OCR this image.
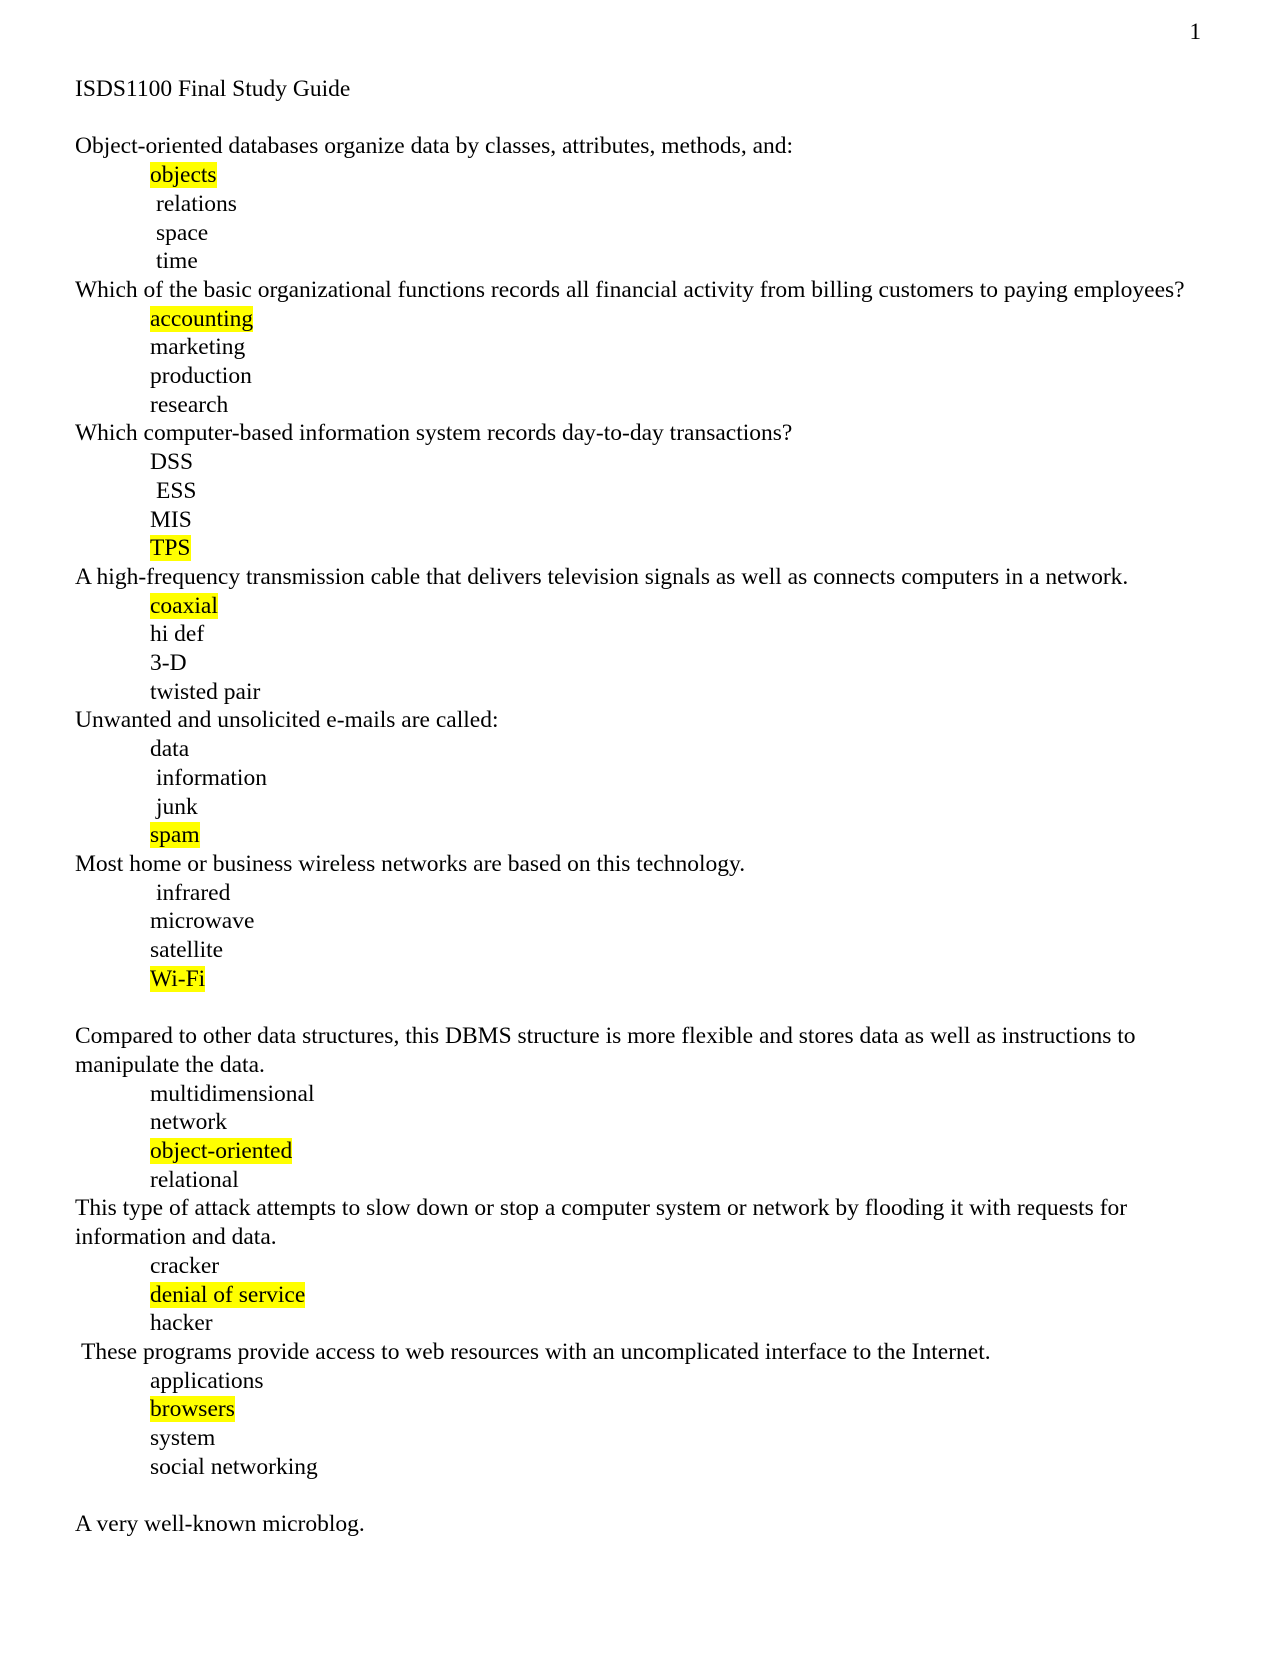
1

ISDS1100 Final Study Guide

Object-oriented databases organize data by classes, attributes, methods, and:

objects
relations
space
time

Which of the basic organizational functions records all financial activity from billing customers to paying employees?

accounting
marketing
production
research

Which computer-based information system records day-to-day transactions?

DSS
ESS
MIS
TPS

A high-frequency transmission cable that delivers television signals as well as connects computers in a network.

coaxial
hi def
3-D
twisted pair

Unwanted and unsolicited e-mails are called:

data
information
junk
spam

Most home or business wireless networks are based on this technology.

infrared
microwave
satellite
Wi-Fi

Compared to other data structures, this DBMS structure is more flexible and stores data as well as instructions to manipulate the data.

multidimensional
network
object-oriented
relational

This type of attack attempts to slow down or stop a computer system or network by flooding it with requests for information and data.

cracker
denial of service
hacker

These programs provide access to web resources with an uncomplicated interface to the Internet.

applications
browsers
system
social networking

A very well-known microblog.
